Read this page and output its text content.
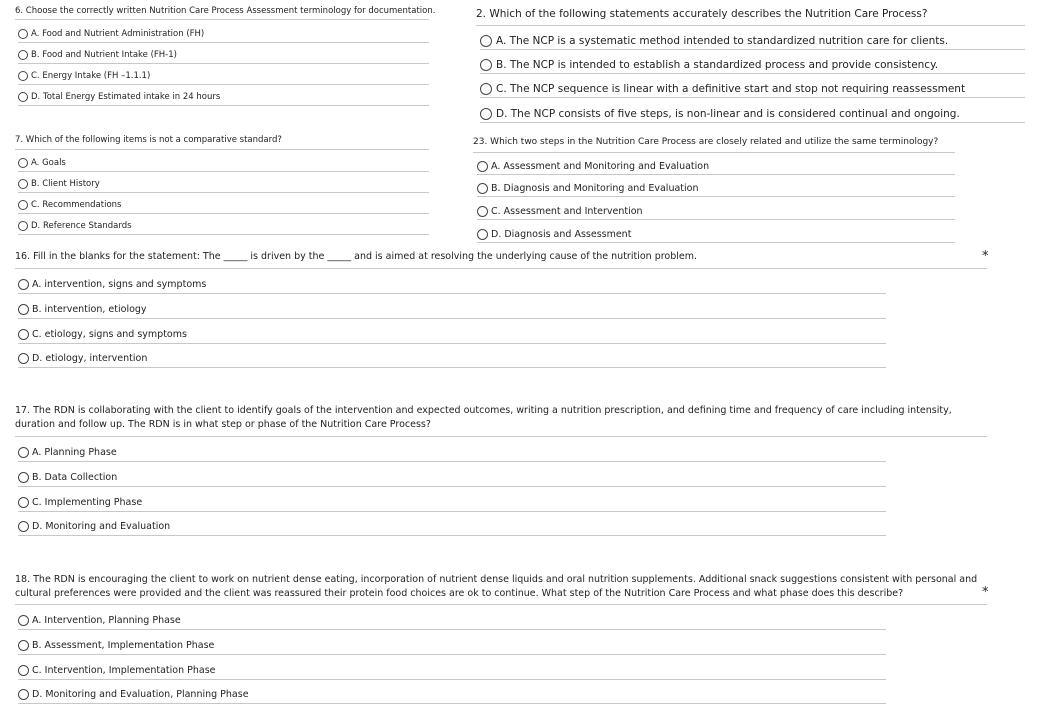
6. Choose the correctly written Nutrition Care Process Assessment terminology for documentation.

A. Food and Nutrient Administration (FH)
B. Food and Nutrient Intake (FH-1)
C. Energy Intake (FH –1.1.1)
D. Total Energy Estimated intake in 24 hours

7. Which of the following items is not a comparative standard?

A. Goals
B. Client History
C. Recommendations
D. Reference Standards

2. Which of the following statements accurately describes the Nutrition Care Process?

A. The NCP is a systematic method intended to standardized nutrition care for clients.
B. The NCP is intended to establish a standardized process and provide consistency.
C. The NCP sequence is linear with a definitive start and stop not requiring reassessment
D. The NCP consists of five steps, is non-linear and is considered continual and ongoing.

23. Which two steps in the Nutrition Care Process are closely related and utilize the same terminology?

A. Assessment and Monitoring and Evaluation
B. Diagnosis and Monitoring and Evaluation
C. Assessment and Intervention
D. Diagnosis and Assessment

16. Fill in the blanks for the statement: The _____ is driven by the _____ and is aimed at resolving the underlying cause of the nutrition problem.	*
A. intervention, signs and symptoms
B. intervention, etiology
C. etiology, signs and symptoms
D. etiology, intervention

17. The RDN is collaborating with the client to identify goals of the intervention and expected outcomes, writing a nutrition prescription, and defining time and frequency of care including intensity, duration and follow up. The RDN is in what step or phase of the Nutrition Care Process?

A. Planning Phase
B. Data Collection
C. Implementing Phase
D. Monitoring and Evaluation

18. The RDN is encouraging the client to work on nutrient dense eating, incorporation of nutrient dense liquids and oral nutrition supplements. Additional snack suggestions consistent with personal and cultural preferences were provided and the client was reassured their protein food choices are ok to continue. What step of the Nutrition Care Process and what phase does this describe?	*
A. Intervention, Planning Phase
B. Assessment, Implementation Phase
C. Intervention, Implementation Phase
D. Monitoring and Evaluation, Planning Phase
